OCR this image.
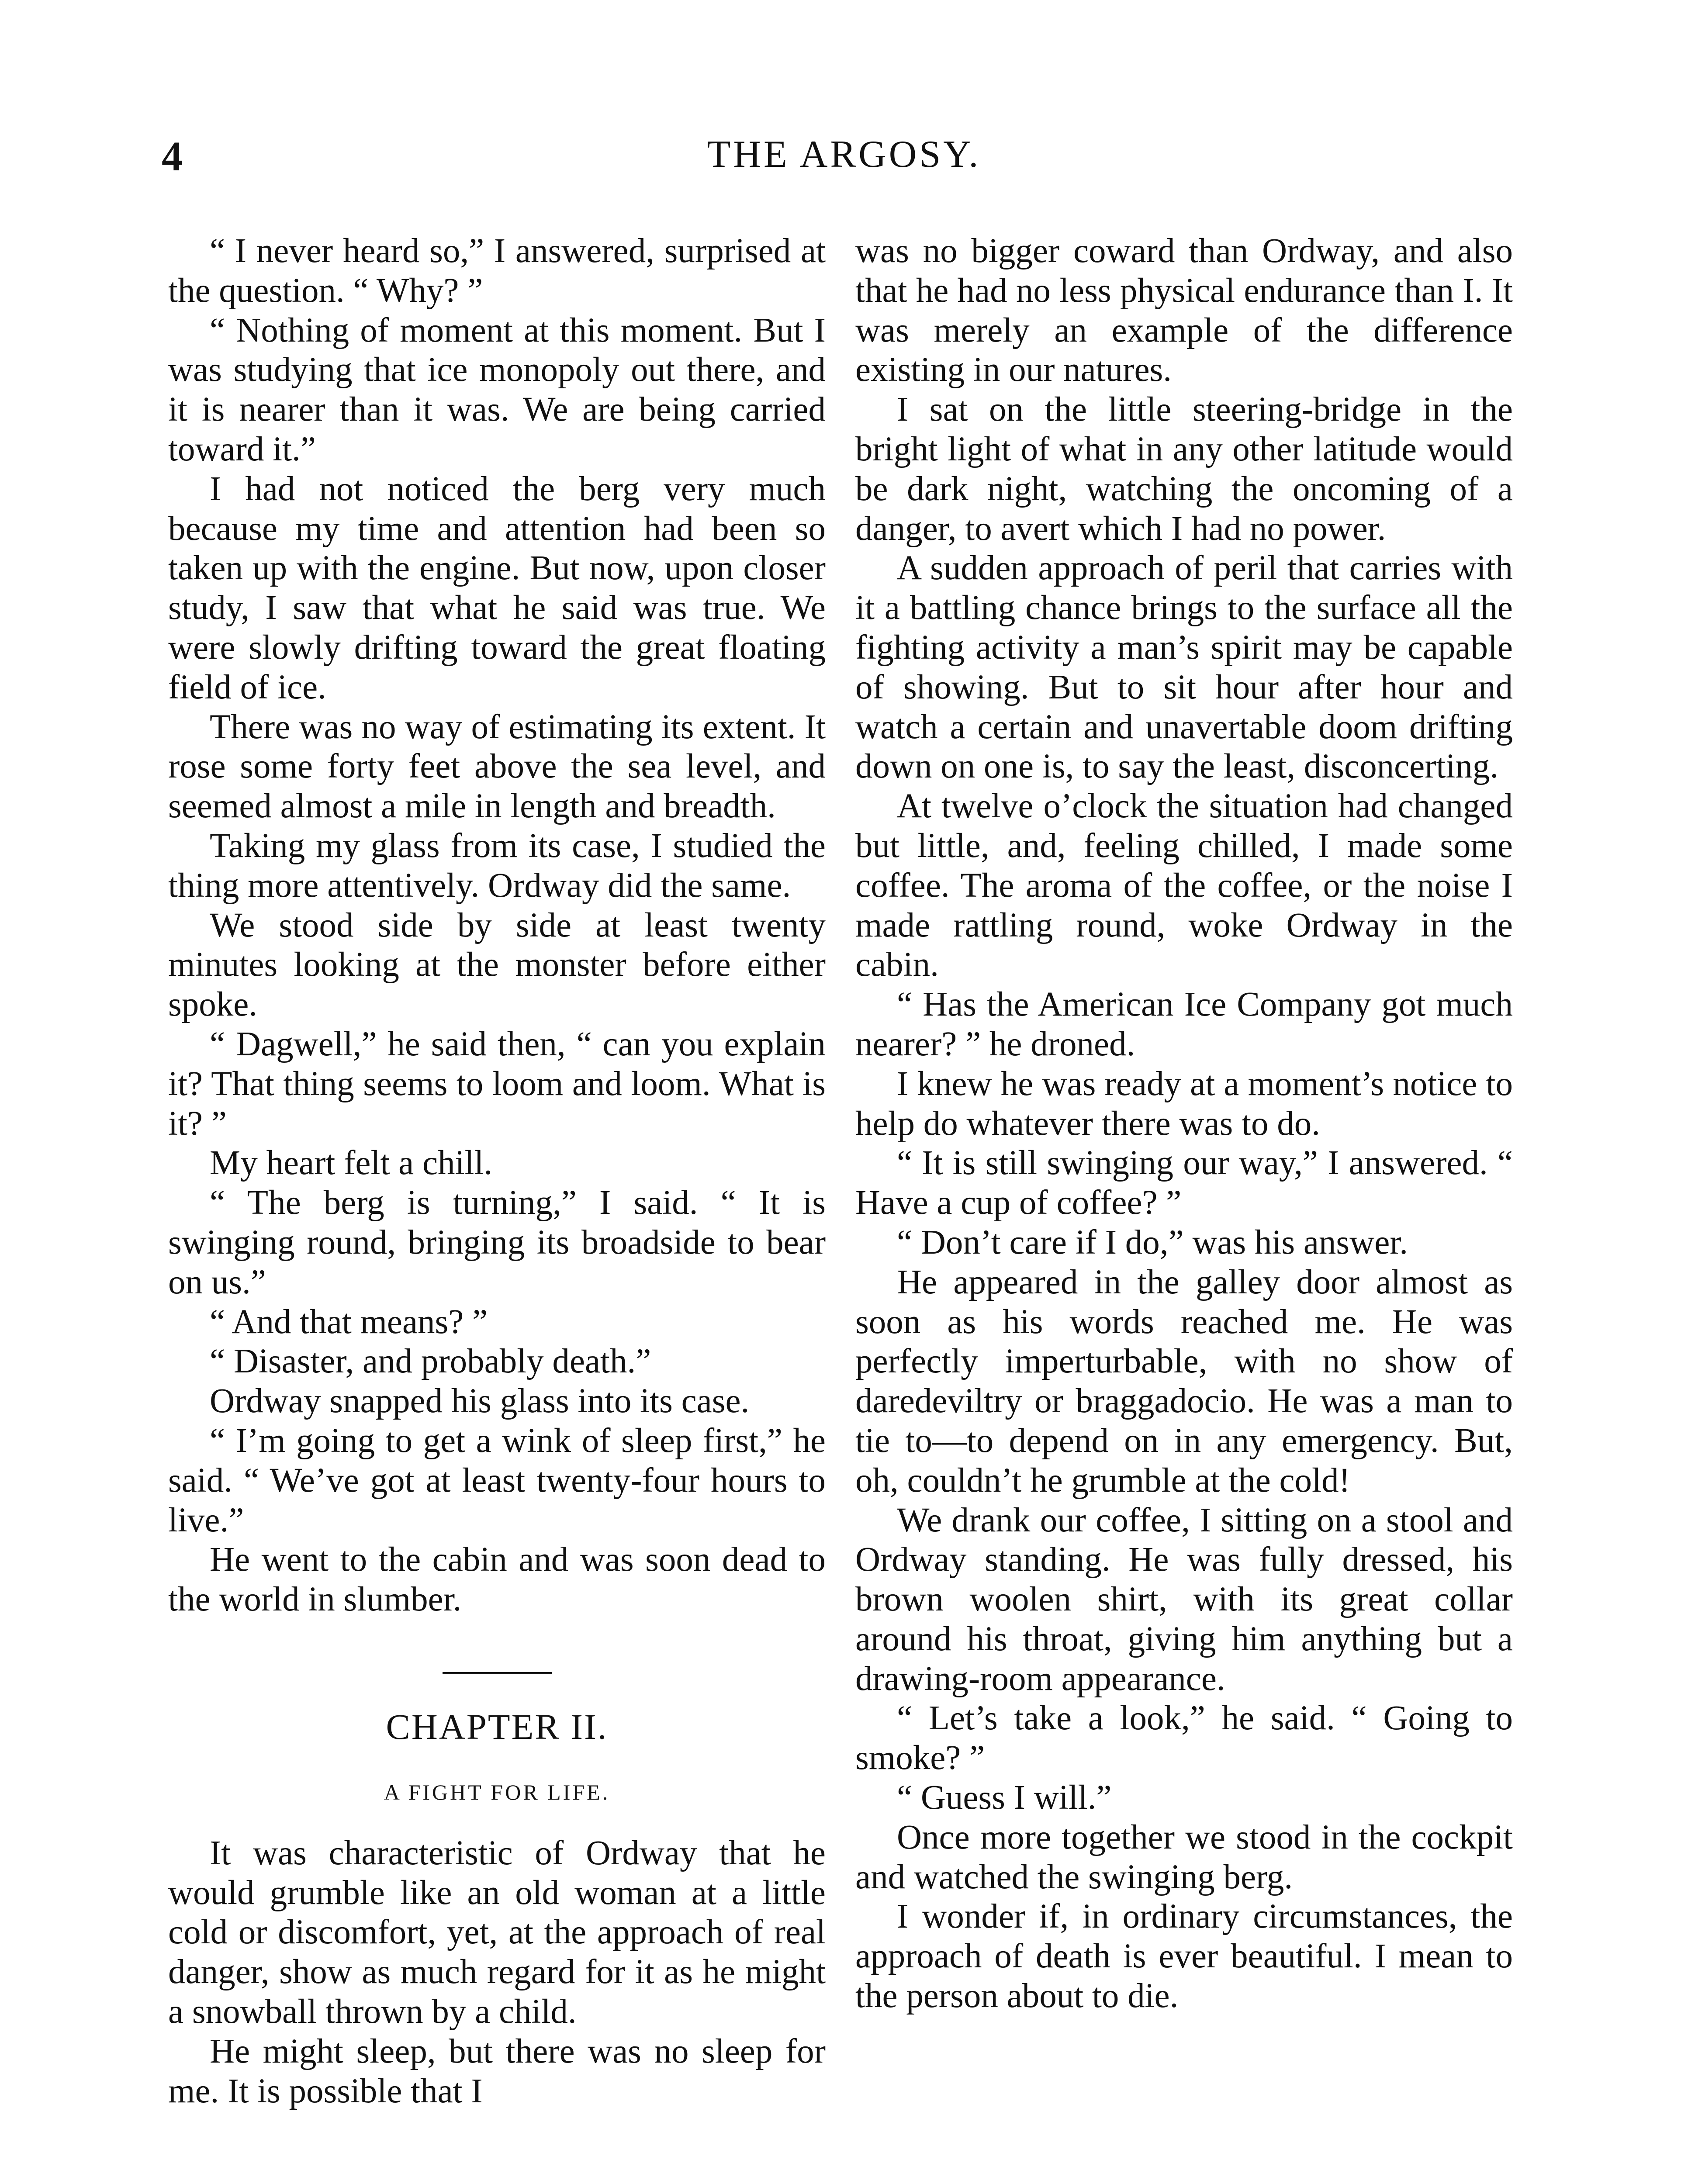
4	THE ARGOSY.

“ I never heard so,” I answered, surprised at the question. “ Why? ”

“ Nothing of moment at this moment. But I was studying that ice monopoly out there, and it is nearer than it was. We are being carried toward it.”

I had not noticed the berg very much because my time and attention had been so taken up with the engine. But now, upon closer study, I saw that what he said was true. We were slowly drifting toward the great floating field of ice.

There was no way of estimating its extent. It rose some forty feet above the sea level, and seemed almost a mile in length and breadth.

Taking my glass from its case, I studied the thing more attentively. Ordway did the same.

We stood side by side at least twenty minutes looking at the monster before either spoke.

“ Dagwell,” he said then, “ can you explain it? That thing seems to loom and loom. What is it? ”

My heart felt a chill.

“ The berg is turning,” I said. “ It is swinging round, bringing its broadside to bear on us.”

“ And that means? ”

“ Disaster, and probably death.”

Ordway snapped his glass into its case.

“ I’m going to get a wink of sleep first,” he said. “ We’ve got at least twenty-four hours to live.”

He went to the cabin and was soon dead to the world in slumber.

CHAPTER II.
A FIGHT FOR LIFE.

It was characteristic of Ordway that he would grumble like an old woman at a little cold or discomfort, yet, at the approach of real danger, show as much regard for it as he might a snowball thrown by a child.

He might sleep, but there was no sleep for me. It is possible that I

was no bigger coward than Ordway, and also that he had no less physical endurance than I. It was merely an example of the difference existing in our natures.

I sat on the little steering-bridge in the bright light of what in any other latitude would be dark night, watching the oncoming of a danger, to avert which I had no power.

A sudden approach of peril that carries with it a battling chance brings to the surface all the fighting activity a man’s spirit may be capable of showing. But to sit hour after hour and watch a certain and unavertable doom drifting down on one is, to say the least, disconcerting.

At twelve o’clock the situation had changed but little, and, feeling chilled, I made some coffee. The aroma of the coffee, or the noise I made rattling round, woke Ordway in the cabin.

“ Has the American Ice Company got much nearer? ” he droned.

I knew he was ready at a moment’s notice to help do whatever there was to do.

“ It is still swinging our way,” I answered. “ Have a cup of coffee? ”

“ Don’t care if I do,” was his answer.

He appeared in the galley door almost as soon as his words reached me. He was perfectly imperturbable, with no show of daredeviltry or braggadocio. He was a man to tie to—to depend on in any emergency. But, oh, couldn’t he grumble at the cold!

We drank our coffee, I sitting on a stool and Ordway standing. He was fully dressed, his brown woolen shirt, with its great collar around his throat, giving him anything but a drawing-room appearance.

“ Let’s take a look,” he said. “ Going to smoke? ”

“ Guess I will.”

Once more together we stood in the cockpit and watched the swinging berg.

I wonder if, in ordinary circumstances, the approach of death is ever beautiful. I mean to the person about to die.
